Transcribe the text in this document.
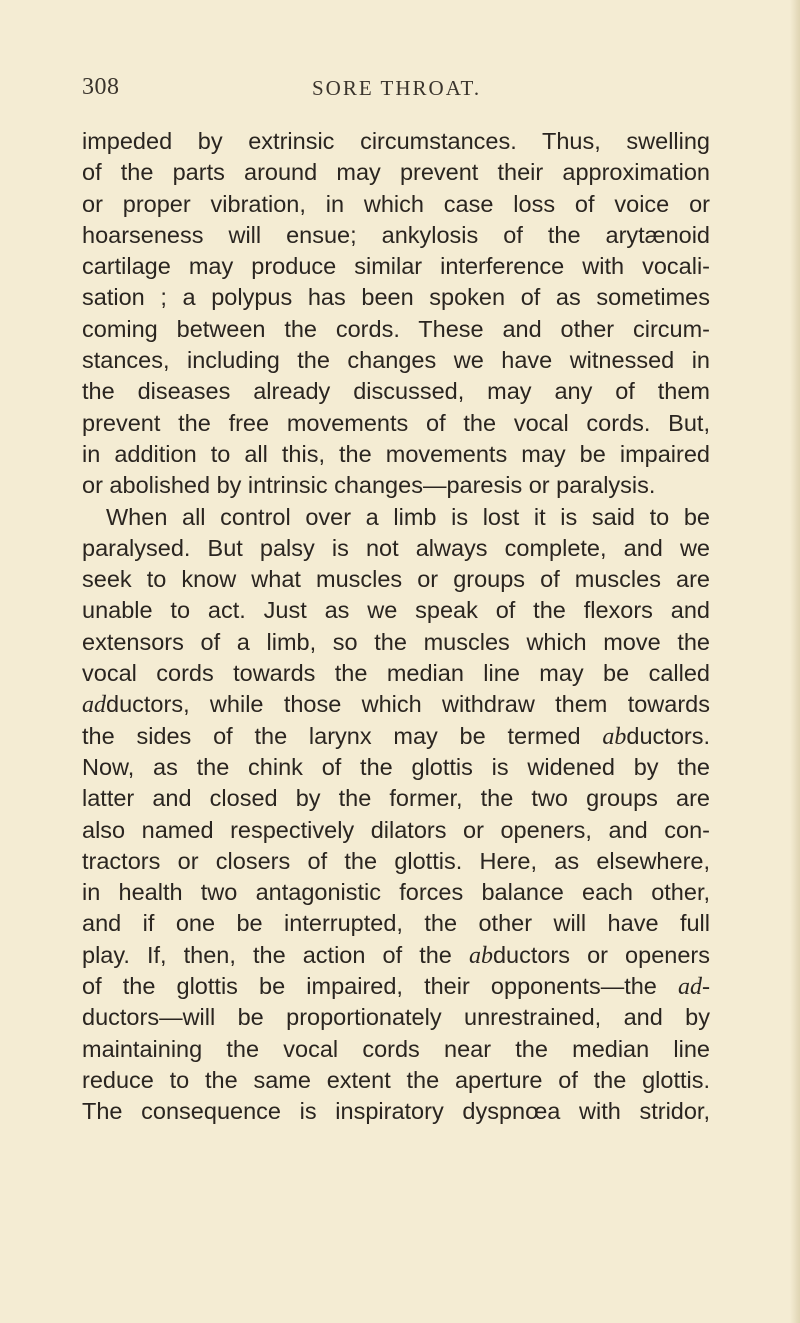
308	SORE THROAT.
impeded by extrinsic circumstances. Thus, swelling
of the parts around may prevent their approximation
or proper vibration, in which case loss of voice or
hoarseness will ensue; ankylosis of the arytænoid
cartilage may produce similar interference with vocali-
sation ; a polypus has been spoken of as sometimes
coming between the cords. These and other circum-
stances, including the changes we have witnessed in
the diseases already discussed, may any of them
prevent the free movements of the vocal cords. But,
in addition to all this, the movements may be impaired
or abolished by intrinsic changes—paresis or paralysis.
When all control over a limb is lost it is said to be
paralysed. But palsy is not always complete, and we
seek to know what muscles or groups of muscles are
unable to act. Just as we speak of the flexors and
extensors of a limb, so the muscles which move the
vocal cords towards the median line may be called
adductors, while those which withdraw them towards
the sides of the larynx may be termed abductors.
Now, as the chink of the glottis is widened by the
latter and closed by the former, the two groups are
also named respectively dilators or openers, and con-
tractors or closers of the glottis. Here, as elsewhere,
in health two antagonistic forces balance each other,
and if one be interrupted, the other will have full
play. If, then, the action of the abductors or openers
of the glottis be impaired, their opponents—the ad-
ductors—will be proportionately unrestrained, and by
maintaining the vocal cords near the median line
reduce to the same extent the aperture of the glottis.
The consequence is inspiratory dyspnœa with stridor,
